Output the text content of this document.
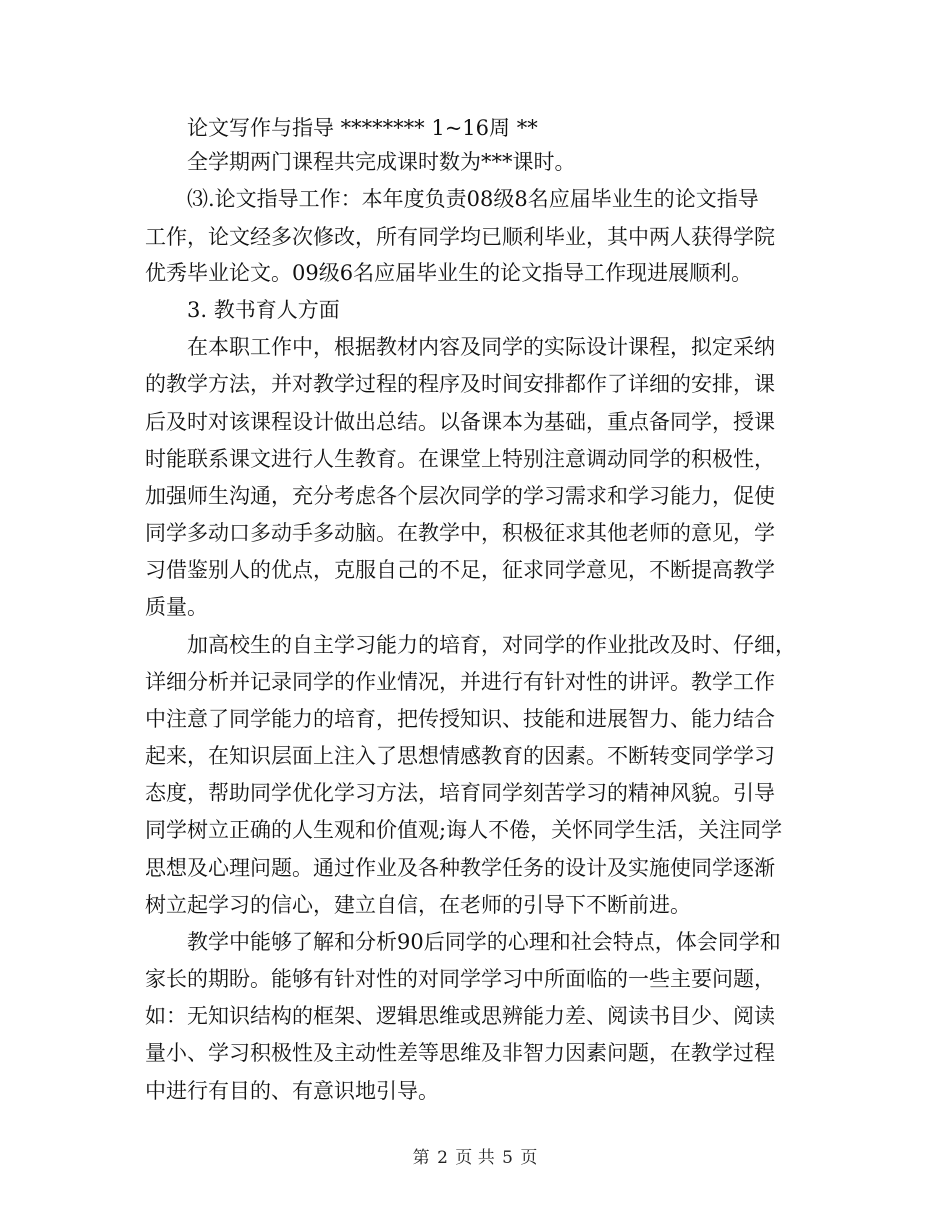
论文写作与指导 ******** 1~16周 **
全学期两门课程共完成课时数为***课时。
⑶.论文指导工作：本年度负责08级8名应届毕业生的论文指导
工作，论文经多次修改，所有同学均已顺利毕业，其中两人获得学院
优秀毕业论文。09级6名应届毕业生的论文指导工作现进展顺利。
3. 教书育人方面
在本职工作中，根据教材内容及同学的实际设计课程，拟定采纳
的教学方法，并对教学过程的程序及时间安排都作了详细的安排，课
后及时对该课程设计做出总结。以备课本为基础，重点备同学，授课
时能联系课文进行人生教育。在课堂上特别注意调动同学的积极性，
加强师生沟通，充分考虑各个层次同学的学习需求和学习能力，促使
同学多动口多动手多动脑。在教学中，积极征求其他老师的意见，学
习借鉴别人的优点，克服自己的不足，征求同学意见，不断提高教学
质量。
加高校生的自主学习能力的培育，对同学的作业批改及时、仔细，
详细分析并记录同学的作业情况，并进行有针对性的讲评。教学工作
中注意了同学能力的培育，把传授知识、技能和进展智力、能力结合
起来，在知识层面上注入了思想情感教育的因素。不断转变同学学习
态度，帮助同学优化学习方法，培育同学刻苦学习的精神风貌。引导
同学树立正确的人生观和价值观;诲人不倦，关怀同学生活，关注同学
思想及心理问题。通过作业及各种教学任务的设计及实施使同学逐渐
树立起学习的信心，建立自信，在老师的引导下不断前进。
教学中能够了解和分析90后同学的心理和社会特点，体会同学和
家长的期盼。能够有针对性的对同学学习中所面临的一些主要问题，
如：无知识结构的框架、逻辑思维或思辨能力差、阅读书目少、阅读
量小、学习积极性及主动性差等思维及非智力因素问题，在教学过程
中进行有目的、有意识地引导。
第 2 页 共 5 页
